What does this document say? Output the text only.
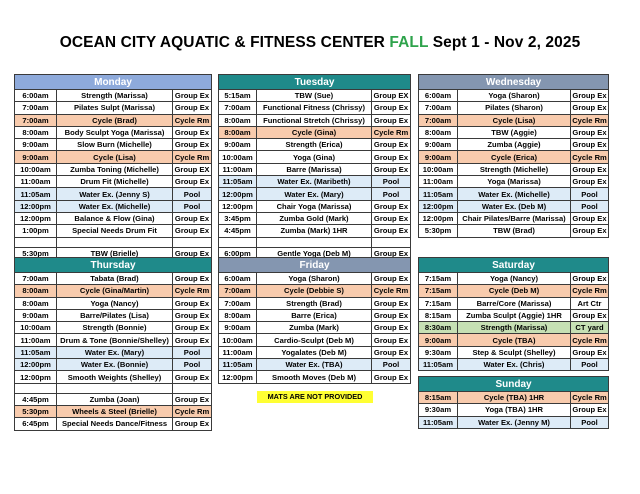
OCEAN CITY AQUATIC & FITNESS CENTER FALL Sept 1 - Nov 2, 2025
Monday		
6:00am	Strength (Marissa)	Group Ex
7:00am	Pilates Sulpt (Marissa)	Group Ex
7:00am	Cycle (Brad)	Cycle Rm
8:00am	Body Sculpt Yoga (Marissa)	Group Ex
9:00am	Slow Burn (Michelle)	Group Ex
9:00am	Cycle (Lisa)	Cycle Rm
10:00am	Zumba Toning (Michelle)	Group EX
11:00am	Drum Fit (Michelle)	Group Ex
11:05am	Water Ex. (Jenny S)	Pool
12:00pm	Water Ex. (Michelle)	Pool
12:00pm	Balance & Flow (Gina)	Group Ex
1:00pm	Special Needs Drum Fit	Group Ex

5:30pm	TBW (Brielle)	Group Ex
Tuesday		
5:15am	TBW (Sue)	Group EX
7:00am	Functional Fitness (Chrissy)	Group Ex
8:00am	Functional Stretch (Chrissy)	Group Ex
8:00am	Cycle (Gina)	Cycle Rm
9:00am	Strength (Erica)	Group Ex
10:00am	Yoga (Gina)	Group Ex
11:00am	Barre (Marissa)	Group Ex
11:05am	Water Ex. (Maribeth)	Pool
12:00pm	Water Ex. (Mary)	Pool
12:00pm	Chair Yoga (Marissa)	Group Ex
3:45pm	Zumba Gold (Mark)	Group Ex
4:45pm	Zumba (Mark) 1HR	Group Ex

6:00pm	Gentle Yoga (Deb M)	Group Ex
Wednesday		
6:00am	Yoga (Sharon)	Group Ex
7:00am	Pilates (Sharon)	Group Ex
7:00am	Cycle (Lisa)	Cycle Rm
8:00am	TBW (Aggie)	Group Ex
9:00am	Zumba (Aggie)	Group Ex
9:00am	Cycle (Erica)	Cycle Rm
10:00am	Strength (Michelle)	Group Ex
11:00am	Yoga (Marissa)	Group Ex
11:05am	Water Ex. (Michelle)	Pool
12:00pm	Water Ex. (Deb M)	Pool
12:00pm	Chair Pilates/Barre (Marissa)	Group Ex
5:30pm	TBW (Brad)	Group Ex
Thursday		
7:00am	Tabata (Brad)	Group Ex
8:00am	Cycle (Gina/Martin)	Cycle Rm
8:00am	Yoga (Nancy)	Group Ex
9:00am	Barre/Pilates (Lisa)	Group Ex
10:00am	Strength (Bonnie)	Group Ex
11:00am	Drum & Tone (Bonnie/Shelley)	Group Ex
11:05am	Water Ex. (Mary)	Pool
12:00pm	Water Ex. (Bonnie)	Pool
12:00pm	Smooth Weights (Shelley)	Group Ex

4:45pm	Zumba (Joan)	Group Ex
5:30pm	Wheels & Steel (Brielle)	Cycle Rm
6:45pm	Special Needs Dance/Fitness	Group Ex
Friday		
6:00am	Yoga (Sharon)	Group Ex
7:00am	Cycle (Debbie S)	Cycle Rm
7:00am	Strength (Brad)	Group Ex
8:00am	Barre (Erica)	Group Ex
9:00am	Zumba (Mark)	Group Ex
10:00am	Cardio-Sculpt (Deb M)	Group Ex
11:00am	Yogalates (Deb M)	Group Ex
11:05am	Water Ex. (TBA)	Pool
12:00pm	Smooth Moves (Deb M)	Group Ex
MATS ARE NOT PROVIDED
Saturday		
7:15am	Yoga (Nancy)	Group Ex
7:15am	Cycle (Deb M)	Cycle Rm
7:15am	Barre/Core (Marissa)	Art Ctr
8:15am	Zumba Sculpt (Aggie) 1HR	Group Ex
8:30am	Strength (Marissa)	CT yard
9:00am	Cycle (TBA)	Cycle Rm
9:30am	Step & Sculpt (Shelley)	Group Ex
11:05am	Water Ex. (Chris)	Pool
Sunday		
8:15am	Cycle (TBA) 1HR	Cycle Rm
9:30am	Yoga (TBA) 1HR	Group Ex
11:05am	Water Ex. (Jenny M)	Pool
